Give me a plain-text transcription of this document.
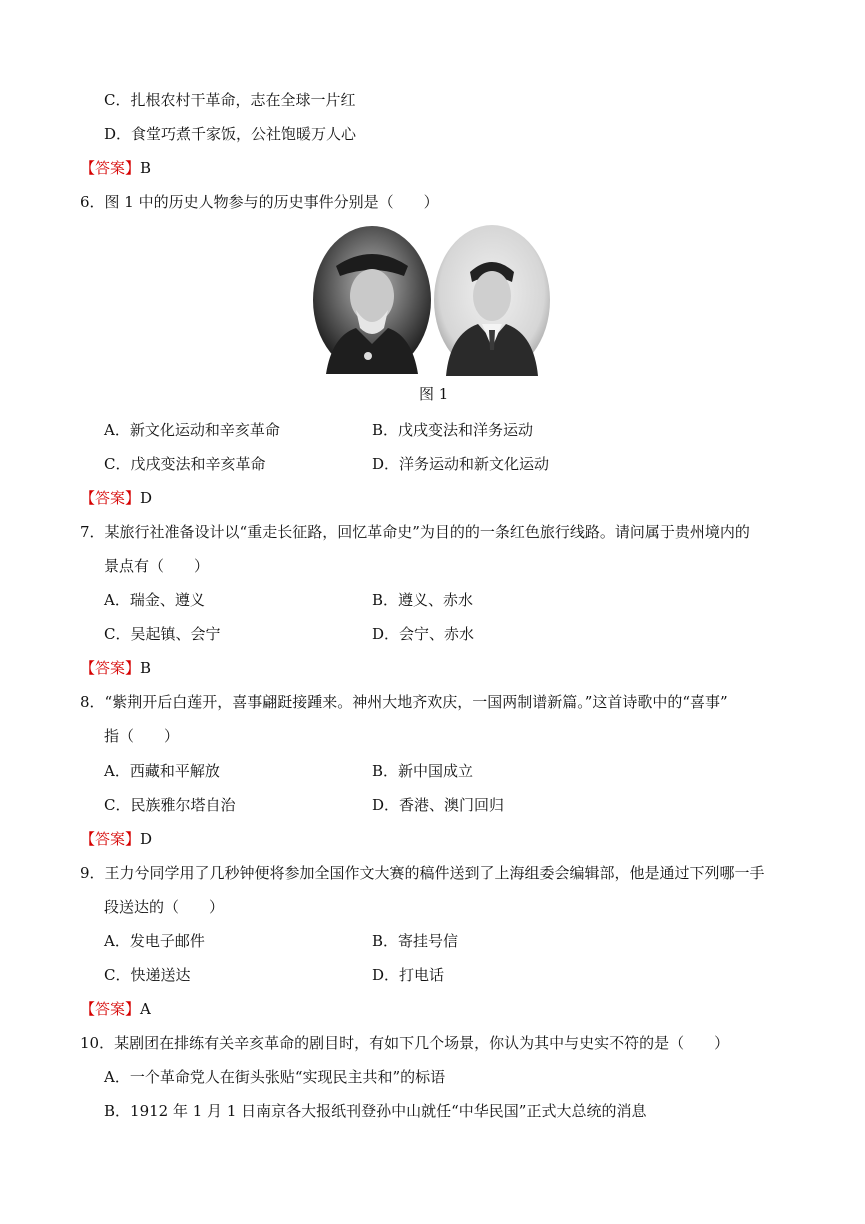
C．扎根农村干革命，志在全球一片红
D．食堂巧煮千家饭，公社饱暖万人心
【答案】B
6．图 1 中的历史人物参与的历史事件分别是（　　）
图 1
A．新文化运动和辛亥革命	B．戊戌变法和洋务运动
C．戊戌变法和辛亥革命	D．洋务运动和新文化运动
【答案】D
7．某旅行社准备设计以“重走长征路，回忆革命史”为目的的一条红色旅行线路。请问属于贵州境内的
景点有（　　）
A．瑞金、遵义	B．遵义、赤水
C．吴起镇、会宁	D．会宁、赤水
【答案】B
8．“紫荆开后白莲开，喜事翩跹接踵来。神州大地齐欢庆，一国两制谱新篇。”这首诗歌中的“喜事”
指（　　）
A．西藏和平解放	B．新中国成立
C．民族雅尔塔自治	D．香港、澳门回归
【答案】D
9．王力兮同学用了几秒钟便将参加全国作文大赛的稿件送到了上海组委会编辑部，他是通过下列哪一手
段送达的（　　）
A．发电子邮件	B．寄挂号信
C．快递送达	D．打电话
【答案】A
10．某剧团在排练有关辛亥革命的剧目时，有如下几个场景，你认为其中与史实不符的是（　　）
A．一个革命党人在街头张贴“实现民主共和”的标语
B．1912 年 1 月 1 日南京各大报纸刊登孙中山就任“中华民国”正式大总统的消息
